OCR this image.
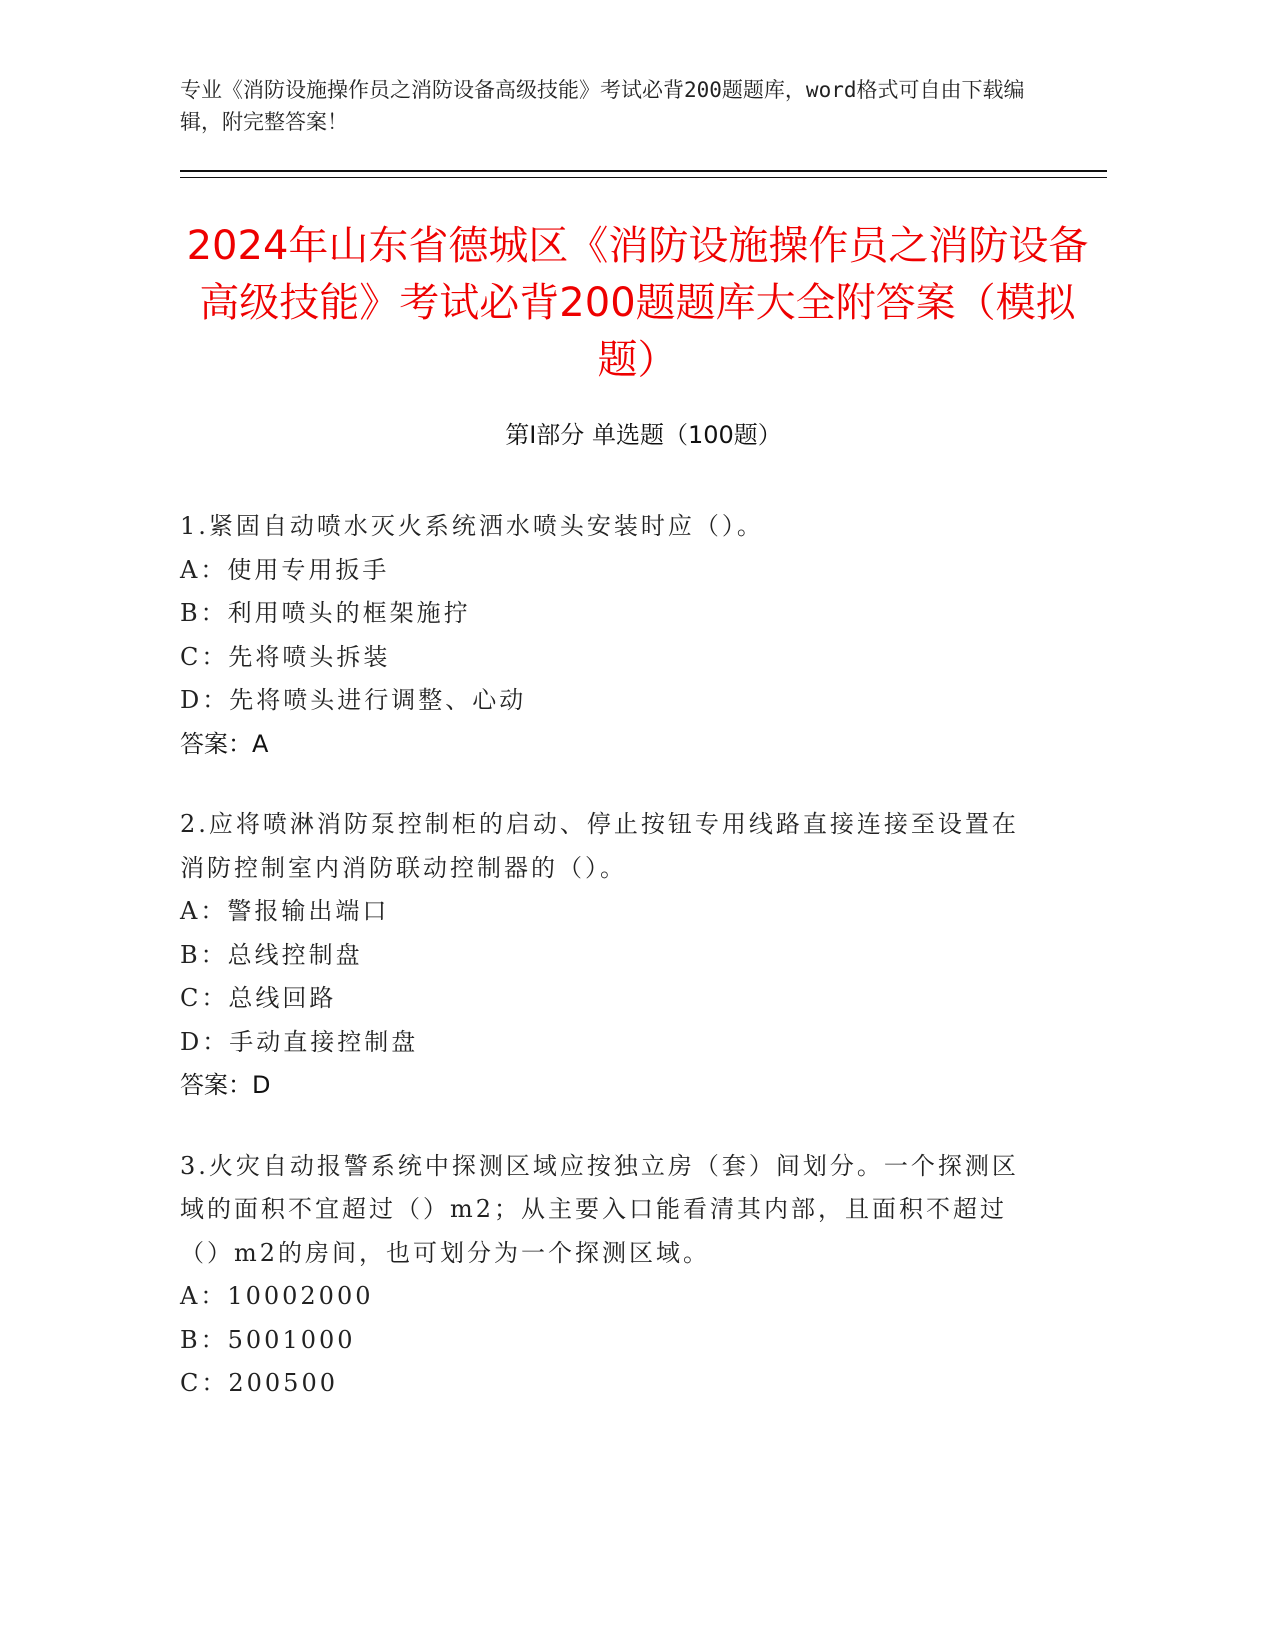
专业《消防设施操作员之消防设备高级技能》考试必背200题题库，word格式可自由下载编辑，附完整答案！
2024年山东省德城区《消防设施操作员之消防设备高级技能》考试必背200题题库大全附答案（模拟题）
第I部分 单选题（100题）

1.紧固自动喷水灭火系统洒水喷头安装时应（）。

A：使用专用扳手

B：利用喷头的框架施拧

C：先将喷头拆装

D：先将喷头进行调整、心动

答案：A

2.应将喷淋消防泵控制柜的启动、停止按钮专用线路直接连接至设置在消防控制室内消防联动控制器的（）。

A：警报输出端口

B：总线控制盘

C：总线回路

D：手动直接控制盘

答案：D

3.火灾自动报警系统中探测区域应按独立房（套）间划分。一个探测区域的面积不宜超过（）m2；从主要入口能看清其内部，且面积不超过（）m2的房间，也可划分为一个探测区域。

A：10002000

B：5001000

C：200500
